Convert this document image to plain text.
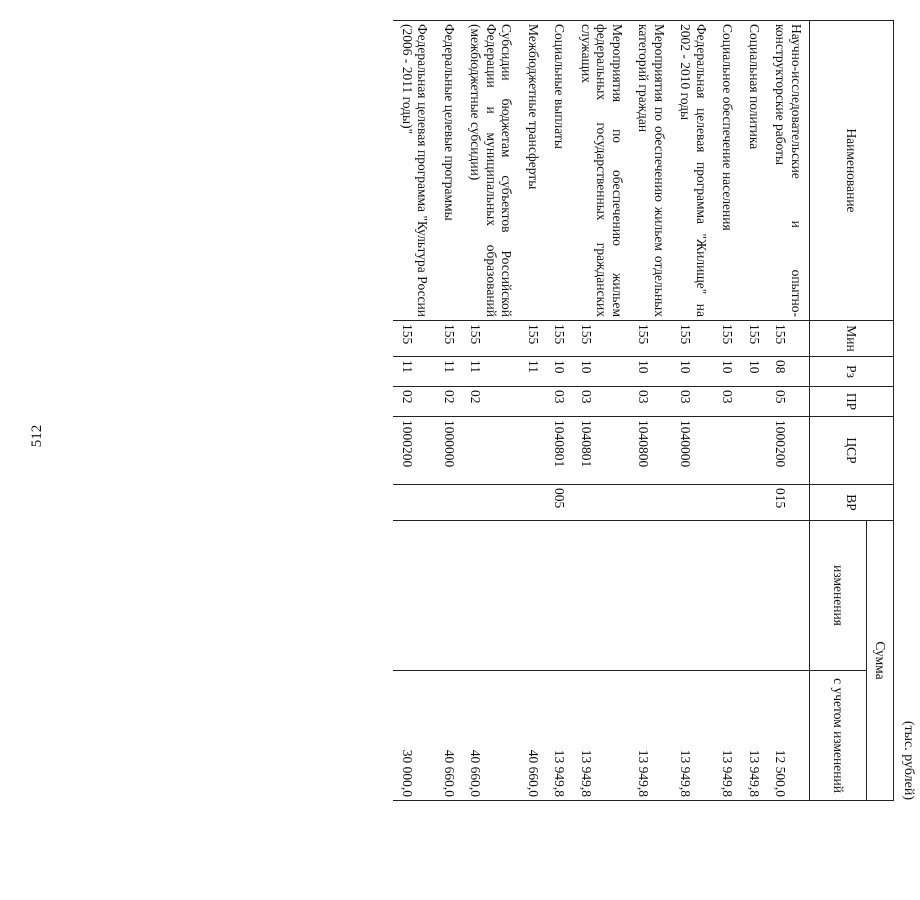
512
(тыс. рублей)
Наименование	Мин	Рз	ПР	ЦСР	ВР	Сумма	
						изменения	с учетом изменений
Научно-исследовательские и опытно-конструкторские работы	155	08	05	1000200	015		12 500,0
Социальная политика	155	10					13 949,8
Социальное обеспечение населения	155	10	03				13 949,8
Федеральная целевая программа "Жилище" на 2002 - 2010 годы	155	10	03	1040000			13 949,8
Мероприятия по обеспечению жильем отдельных категорий граждан	155	10	03	1040800			13 949,8
Мероприятия по обеспечению жильем федеральных государственных гражданских служащих	155	10	03	1040801			13 949,8
Социальные выплаты	155	10	03	1040801	005		13 949,8
Межбюджетные трансферты	155	11					40 660,0
Субсидии бюджетам субъектов Российской Федерации и муниципальных образований (межбюджетные субсидии)	155	11	02				40 660,0
Федеральные целевые программы	155	11	02	1000000			40 660,0
Федеральная целевая программа "Культура России (2006 - 2011 годы)"	155	11	02	1000200			30 000,0
